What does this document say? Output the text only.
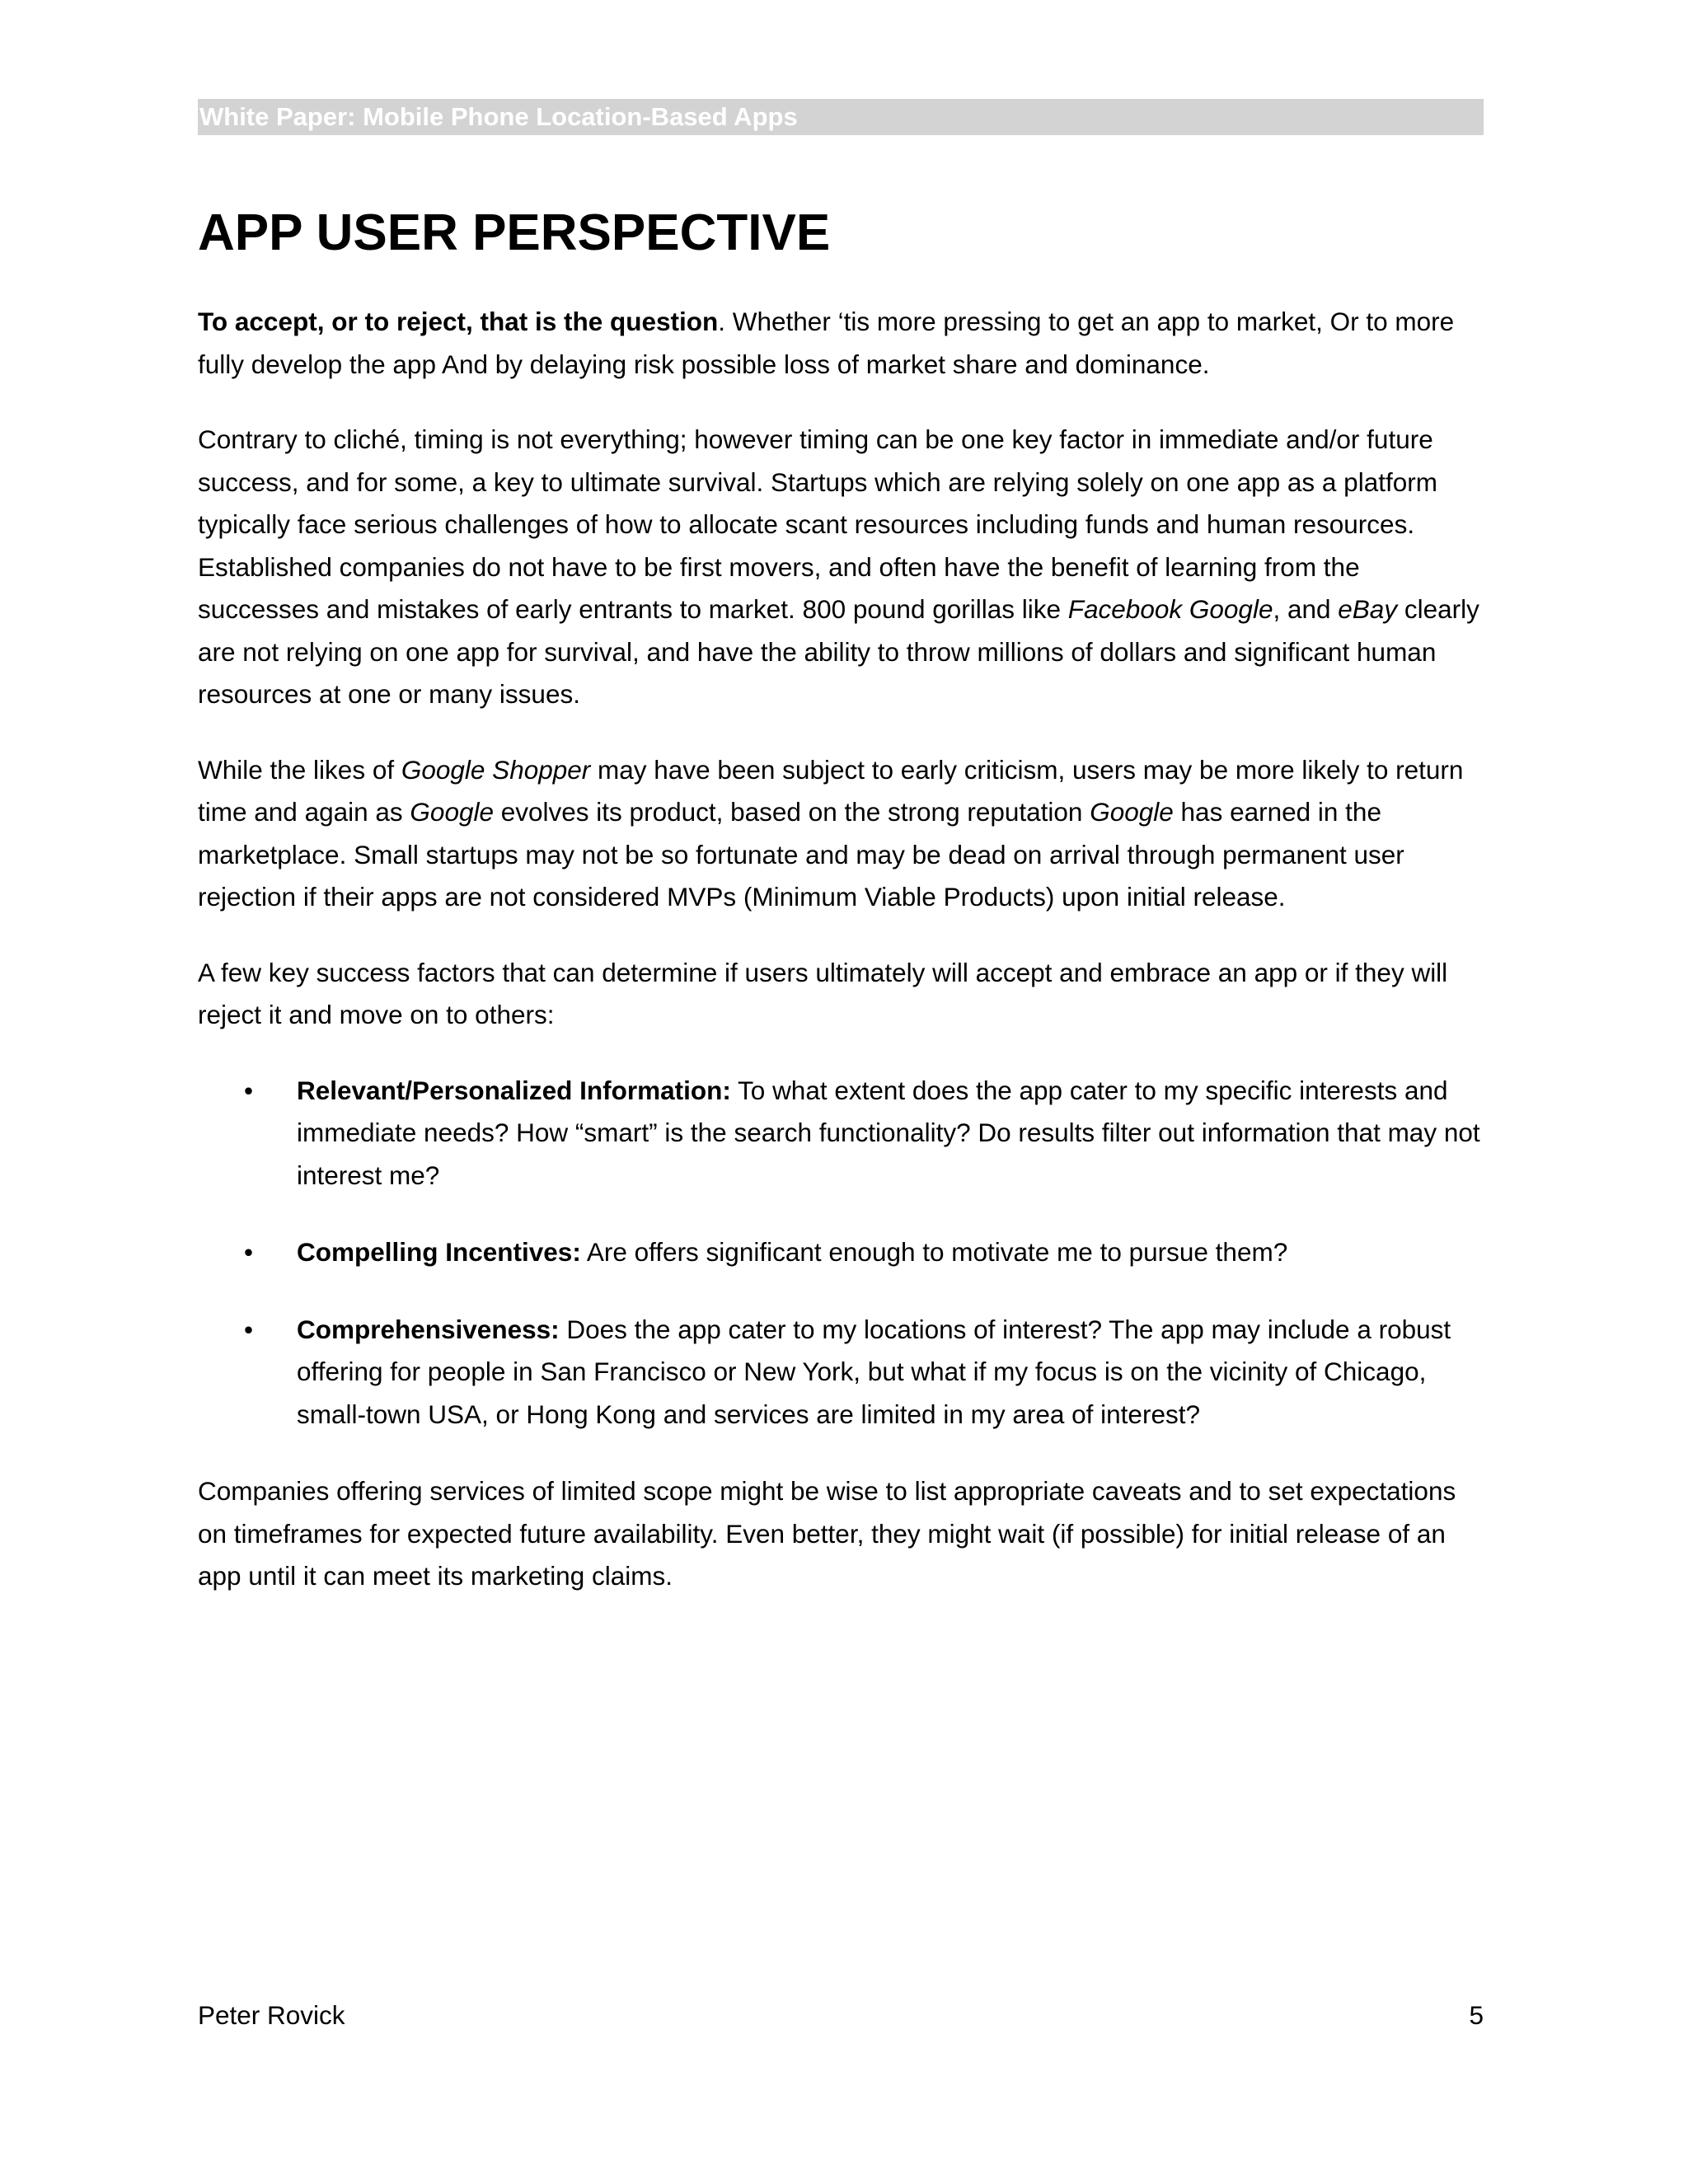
White Paper: Mobile Phone Location-Based Apps
APP USER PERSPECTIVE

To accept, or to reject, that is the question. Whether ‘tis more pressing to get an app to market, Or to more fully develop the app And by delaying risk possible loss of market share and dominance.

Contrary to cliché, timing is not everything; however timing can be one key factor in immediate and/or future success, and for some, a key to ultimate survival. Startups which are relying solely on one app as a platform typically face serious challenges of how to allocate scant resources including funds and human resources. Established companies do not have to be first movers, and often have the benefit of learning from the successes and mistakes of early entrants to market. 800 pound gorillas like Facebook Google, and eBay clearly are not relying on one app for survival, and have the ability to throw millions of dollars and significant human resources at one or many issues.

While the likes of Google Shopper may have been subject to early criticism, users may be more likely to return time and again as Google evolves its product, based on the strong reputation Google has earned in the marketplace. Small startups may not be so fortunate and may be dead on arrival through permanent user rejection if their apps are not considered MVPs (Minimum Viable Products) upon initial release.

A few key success factors that can determine if users ultimately will accept and embrace an app or if they will reject it and move on to others:

• Relevant/Personalized Information: To what extent does the app cater to my specific interests and immediate needs? How “smart” is the search functionality? Do results filter out information that may not interest me?
• Compelling Incentives: Are offers significant enough to motivate me to pursue them?
• Comprehensiveness: Does the app cater to my locations of interest? The app may include a robust offering for people in San Francisco or New York, but what if my focus is on the vicinity of Chicago, small-town USA, or Hong Kong and services are limited in my area of interest?

Companies offering services of limited scope might be wise to list appropriate caveats and to set expectations on timeframes for expected future availability. Even better, they might wait (if possible) for initial release of an app until it can meet its marketing claims.

Peter Rovick	5
